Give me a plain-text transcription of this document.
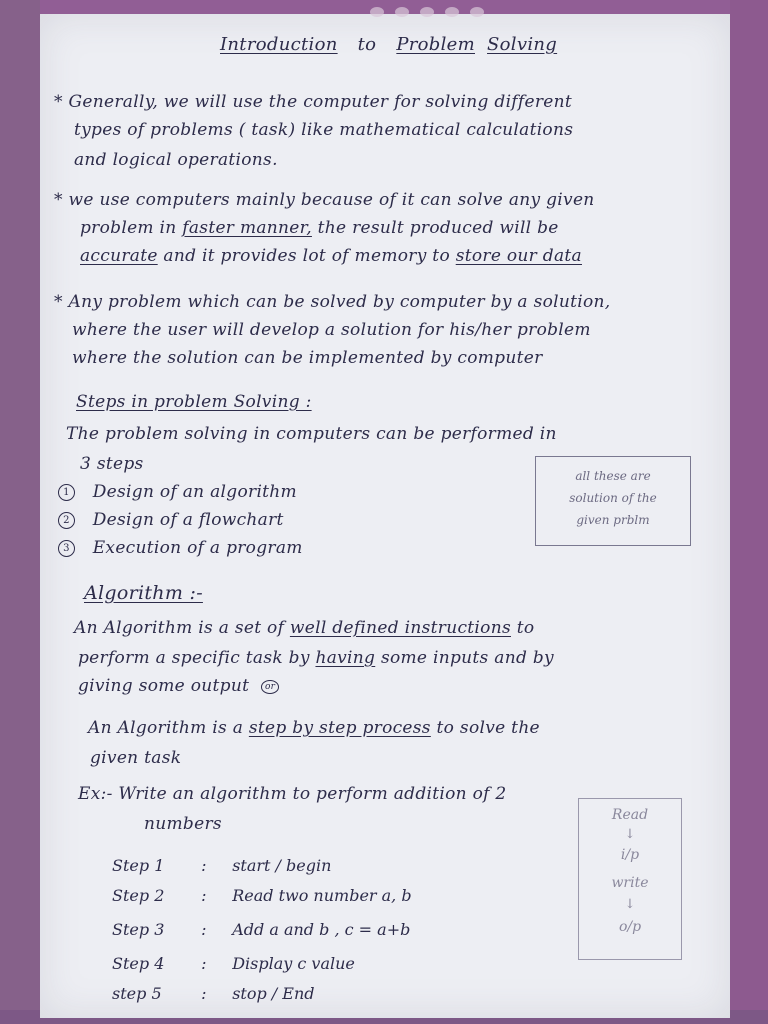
Introduction to Problem Solving
* Generally, we will use the computer for solving different
types of problems ( task) like mathematical calculations
and logical operations.
* we use computers mainly because of it can solve any given
problem in faster manner, the result produced will be
accurate and it provides lot of memory to store our data
* Any problem which can be solved by computer by a solution,
where the user will develop a solution for his/her problem
where the solution can be implemented by computer
Steps in problem Solving :
The problem solving in computers can be performed in
3 steps
1 Design of an algorithm
2 Design of a flowchart
3 Execution of a program
all these are
solution of the
given prblm
Algorithm :-
An Algorithm is a set of well defined instructions to
perform a specific task by having some inputs and by
giving some output or
An Algorithm is a step by step process to solve the
given task
Ex:- Write an algorithm to perform addition of 2
numbers
Step 1 : start / begin
Step 2 : Read two number a, b
Step 3 : Add a and b , c = a+b
Step 4 : Display c value
step 5 : stop / End
Read
↓
i/p
write
↓
o/p
